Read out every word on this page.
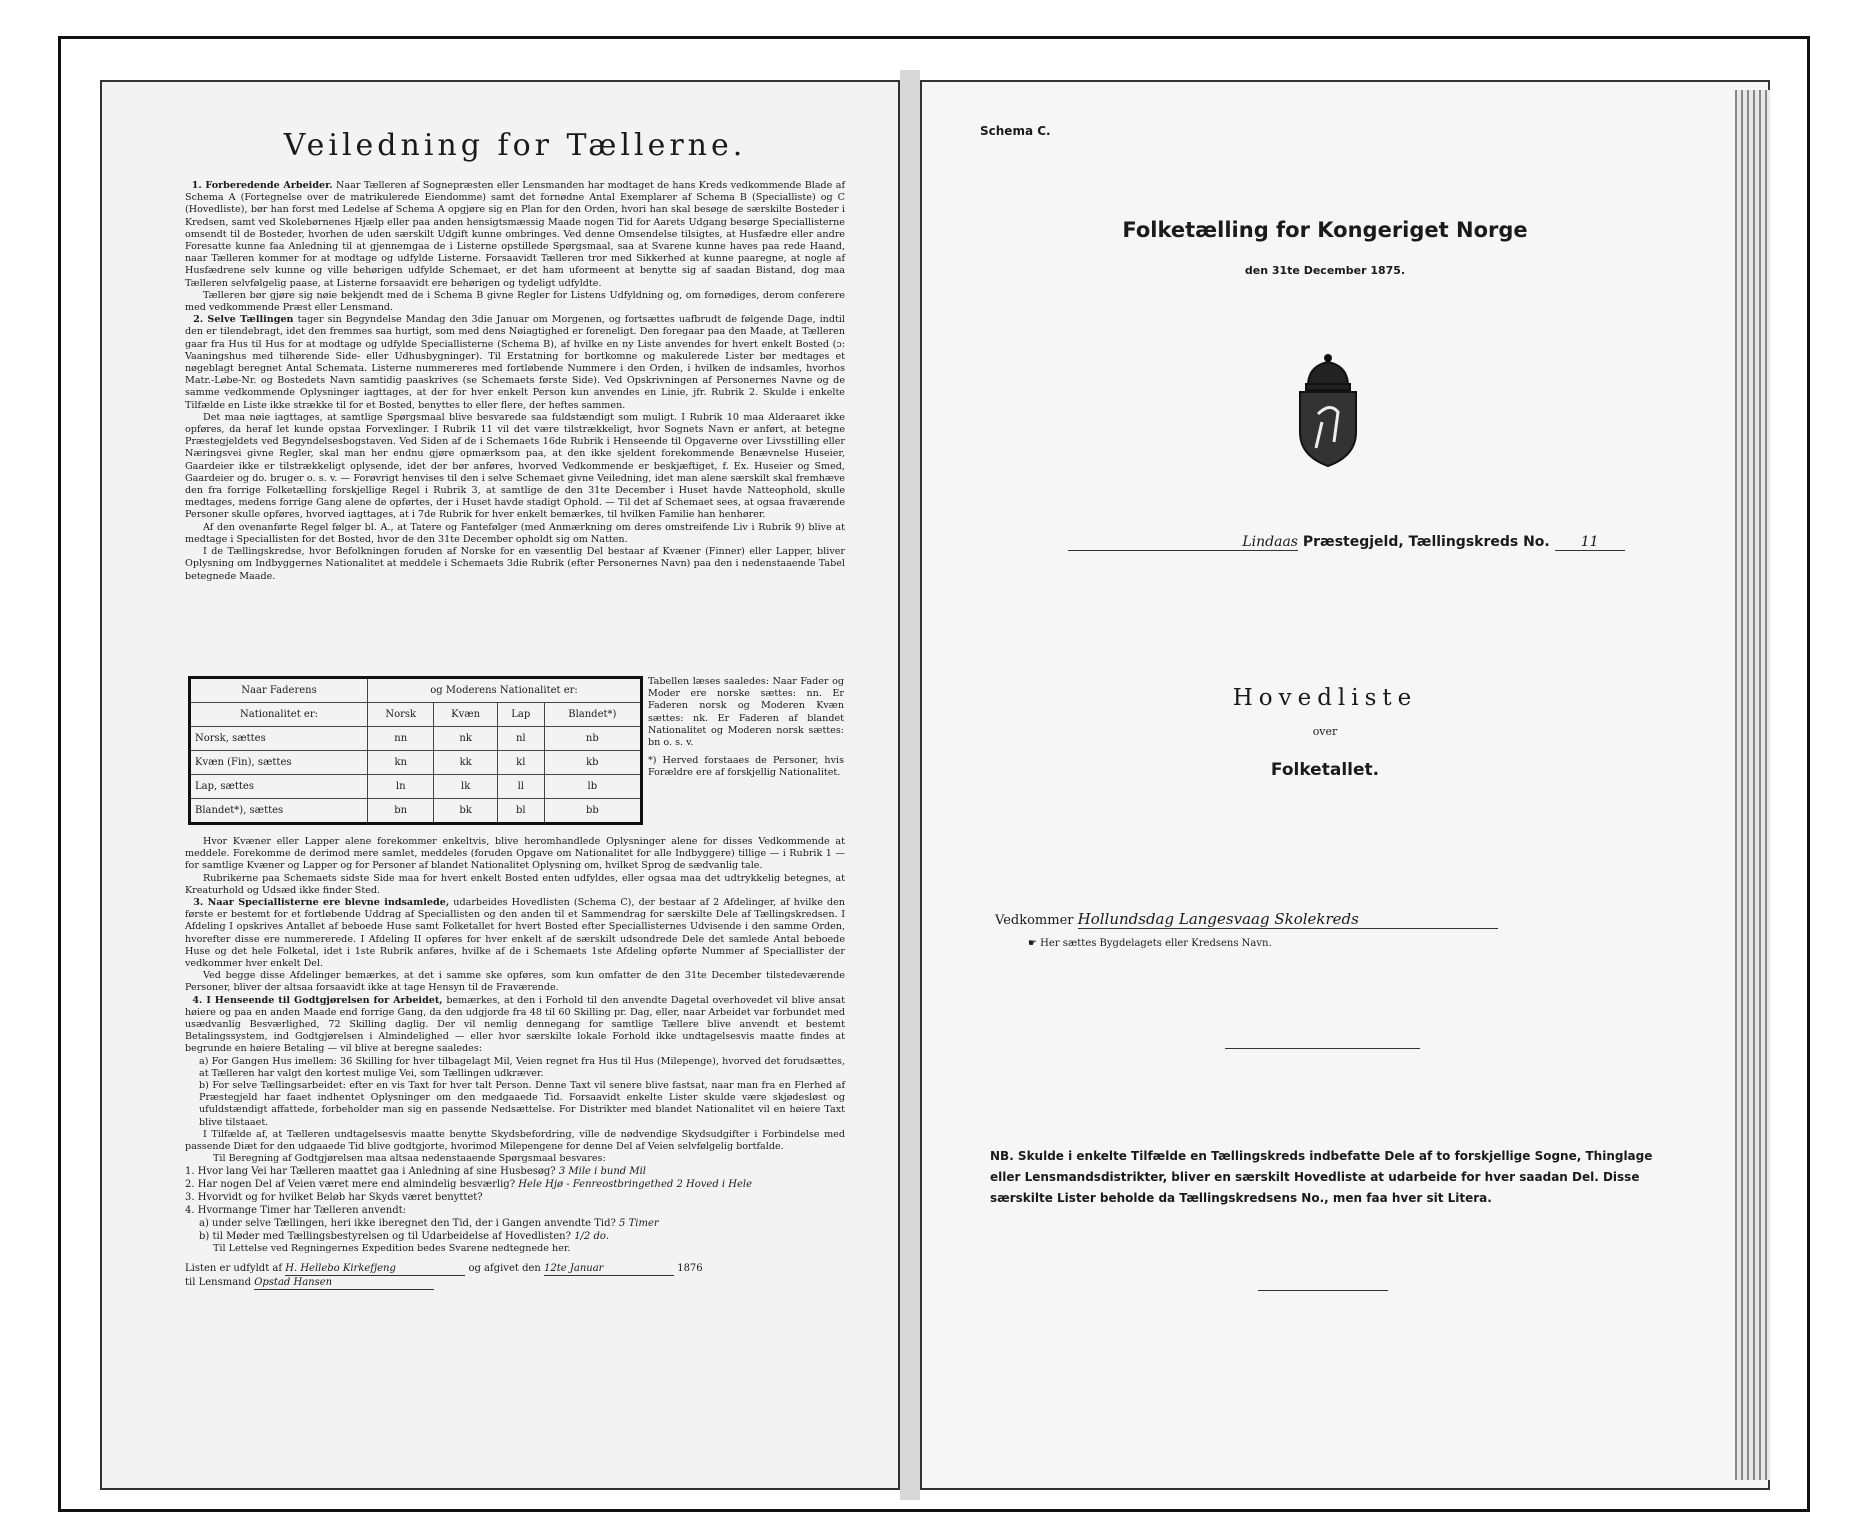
Veiledning for Tællerne.

1. Forberedende Arbeider. Naar Tælleren af Sognepræsten eller Lensmanden har modtaget de hans Kreds vedkommende Blade af Schema A (Fortegnelse over de matrikulerede Eiendomme) samt det fornødne Antal Exemplarer af Schema B (Specialliste) og C (Hovedliste), bør han forst med Ledelse af Schema A opgjøre sig en Plan for den Orden, hvori han skal besøge de særskilte Bosteder i Kredsen, samt ved Skolebørnenes Hjælp eller paa anden hensigtsmæssig Maade nogen Tid for Aarets Udgang besørge Speciallisterne omsendt til de Bosteder, hvorhen de uden særskilt Udgift kunne ombringes. Ved denne Omsendelse tilsigtes, at Husfædre eller andre Foresatte kunne faa Anledning til at gjennemgaa de i Listerne opstillede Spørgsmaal, saa at Svarene kunne haves paa rede Haand, naar Tælleren kommer for at modtage og udfylde Listerne. Forsaavidt Tælleren tror med Sikkerhed at kunne paaregne, at nogle af Husfædrene selv kunne og ville behørigen udfylde Schemaet, er det ham uformeent at benytte sig af saadan Bistand, dog maa Tælleren selvfølgelig paase, at Listerne forsaavidt ere behørigen og tydeligt udfyldte.

Tælleren bør gjøre sig nøie bekjendt med de i Schema B givne Regler for Listens Udfyldning og, om fornødiges, derom conferere med vedkommende Præst eller Lensmand.

2. Selve Tællingen tager sin Begyndelse Mandag den 3die Januar om Morgenen, og fortsættes uafbrudt de følgende Dage, indtil den er tilendebragt, idet den fremmes saa hurtigt, som med dens Nøiagtighed er foreneligt. Den foregaar paa den Maade, at Tælleren gaar fra Hus til Hus for at modtage og udfylde Speciallisterne (Schema B), af hvilke en ny Liste anvendes for hvert enkelt Bosted (ɔ: Vaaningshus med tilhørende Side- eller Udhusbygninger). Til Erstatning for bortkomne og makulerede Lister bør medtages et nøgeblagt beregnet Antal Schemata. Listerne nummereres med fortløbende Nummere i den Orden, i hvilken de indsamles, hvorhos Matr.-Løbe-Nr. og Bostedets Navn samtidig paaskrives (se Schemaets første Side). Ved Opskrivningen af Personernes Navne og de samme vedkommende Oplysninger iagttages, at der for hver enkelt Person kun anvendes en Linie, jfr. Rubrik 2. Skulde i enkelte Tilfælde en Liste ikke strække til for et Bosted, benyttes to eller flere, der heftes sammen.

Det maa nøie iagttages, at samtlige Spørgsmaal blive besvarede saa fuldstændigt som muligt. I Rubrik 10 maa Alderaaret ikke opføres, da heraf let kunde opstaa Forvexlinger. I Rubrik 11 vil det være tilstrækkeligt, hvor Sognets Navn er anført, at betegne Præstegjeldets ved Begyndelsesbogstaven. Ved Siden af de i Schemaets 16de Rubrik i Henseende til Opgaverne over Livsstilling eller Næringsvei givne Regler, skal man her endnu gjøre opmærksom paa, at den ikke sjeldent forekommende Benævnelse Huseier, Gaardeier ikke er tilstrækkeligt oplysende, idet der bør anføres, hvorved Vedkommende er beskjæftiget, f. Ex. Huseier og Smed, Gaardeier og do. bruger o. s. v. — Forøvrigt henvises til den i selve Schemaet givne Veiledning, idet man alene særskilt skal fremhæve den fra forrige Folketælling forskjellige Regel i Rubrik 3, at samtlige de den 31te December i Huset havde Natteophold, skulle medtages, medens forrige Gang alene de opførtes, der i Huset havde stadigt Ophold. — Til det af Schemaet sees, at ogsaa fraværende Personer skulle opføres, hvorved iagttages, at i 7de Rubrik for hver enkelt bemærkes, til hvilken Familie han henhører.

Af den ovenanførte Regel følger bl. A., at Tatere og Fantefølger (med Anmærkning om deres omstreifende Liv i Rubrik 9) blive at medtage i Speciallisten for det Bosted, hvor de den 31te December opholdt sig om Natten.

I de Tællingskredse, hvor Befolkningen foruden af Norske for en væsentlig Del bestaar af Kvæner (Finner) eller Lapper, bliver Oplysning om Indbyggernes Nationalitet at meddele i Schemaets 3die Rubrik (efter Personernes Navn) paa den i nedenstaaende Tabel betegnede Maade.

Naar Faderens	og Moderens Nationalitet er:			
Nationalitet er:	Norsk	Kvæn	Lap	Blandet*)
Norsk, sættes	nn	nk	nl	nb
Kvæn (Fin), sættes	kn	kk	kl	kb
Lap, sættes	ln	lk	ll	lb
Blandet*), sættes	bn	bk	bl	bb

Tabellen læses saaledes: Naar Fader og Moder ere norske sættes: nn. Er Faderen norsk og Moderen Kvæn sættes: nk. Er Faderen af blandet Nationalitet og Moderen norsk sættes: bn o. s. v.

*) Herved forstaaes de Personer, hvis Forældre ere af forskjellig Nationalitet.

Hvor Kvæner eller Lapper alene forekommer enkeltvis, blive heromhandlede Oplysninger alene for disses Vedkommende at meddele. Forekomme de derimod mere samlet, meddeles (foruden Opgave om Nationalitet for alle Indbyggere) tillige — i Rubrik 1 — for samtlige Kvæner og Lapper og for Personer af blandet Nationalitet Oplysning om, hvilket Sprog de sædvanlig tale.

Rubrikerne paa Schemaets sidste Side maa for hvert enkelt Bosted enten udfyldes, eller ogsaa maa det udtrykkelig betegnes, at Kreaturhold og Udsæd ikke finder Sted.

3. Naar Speciallisterne ere blevne indsamlede, udarbeides Hovedlisten (Schema C), der bestaar af 2 Afdelinger, af hvilke den første er bestemt for et fortløbende Uddrag af Speciallisten og den anden til et Sammendrag for særskilte Dele af Tællingskredsen. I Afdeling I opskrives Antallet af beboede Huse samt Folketallet for hvert Bosted efter Speciallisternes Udvisende i den samme Orden, hvorefter disse ere nummererede. I Afdeling II opføres for hver enkelt af de særskilt udsondrede Dele det samlede Antal beboede Huse og det hele Folketal, idet i 1ste Rubrik anføres, hvilke af de i Schemaets 1ste Afdeling opførte Nummer af Speciallister der vedkommer hver enkelt Del.

Ved begge disse Afdelinger bemærkes, at det i samme ske opføres, som kun omfatter de den 31te December tilstedeværende Personer, bliver der altsaa forsaavidt ikke at tage Hensyn til de Fraværende.

4. I Henseende til Godtgjørelsen for Arbeidet, bemærkes, at den i Forhold til den anvendte Dagetal overhovedet vil blive ansat høiere og paa en anden Maade end forrige Gang, da den udgjorde fra 48 til 60 Skilling pr. Dag, eller, naar Arbeidet var forbundet med usædvanlig Besværlighed, 72 Skilling daglig. Der vil nemlig dennegang for samtlige Tællere blive anvendt et bestemt Betalingssystem, ind Godtgjørelsen i Almindelighed — eller hvor særskilte lokale Forhold ikke undtagelsesvis maatte findes at begrunde en høiere Betaling — vil blive at beregne saaledes:

a) For Gangen Hus imellem: 36 Skilling for hver tilbagelagt Mil, Veien regnet fra Hus til Hus (Milepenge), hvorved det forudsættes, at Tælleren har valgt den kortest mulige Vei, som Tællingen udkræver.

b) For selve Tællingsarbeidet: efter en vis Taxt for hver talt Person. Denne Taxt vil senere blive fastsat, naar man fra en Flerhed af Præstegjeld har faaet indhentet Oplysninger om den medgaaede Tid. Forsaavidt enkelte Lister skulde være skjødesløst og ufuldstændigt affattede, forbeholder man sig en passende Nedsættelse. For Distrikter med blandet Nationalitet vil en høiere Taxt blive tilstaaet.

I Tilfælde af, at Tælleren undtagelsesvis maatte benytte Skydsbefordring, ville de nødvendige Skydsudgifter i Forbindelse med passende Diæt for den udgaaede Tid blive godtgjorte, hvorimod Milepengene for denne Del af Veien selvfølgelig bortfalde.

Til Beregning af Godtgjørelsen maa altsaa nedenstaaende Spørgsmaal besvares:

1. Hvor lang Vei har Tælleren maattet gaa i Anledning af sine Husbesøg? 3 Mile i bund Mil
2. Har nogen Del af Veien været mere end almindelig besværlig? Hele Hjø - Fenreostbringethed 2 Hoved i Hele
3. Hvorvidt og for hvilket Beløb har Skyds været benyttet?
4. Hvormange Timer har Tælleren anvendt:
a) under selve Tællingen, heri ikke iberegnet den Tid, der i Gangen anvendte Tid? 5 Timer
b) til Møder med Tællingsbestyrelsen og til Udarbeidelse af Hovedlisten? 1/2 do.

Til Lettelse ved Regningernes Expedition bedes Svarene nedtegnede her.

Listen er udfyldt af H. Hellebo Kirkefjeng	og afgivet den 12te Januar	1876
til Lensmand Opstad Hansen
Schema C.
Folketælling for Kongeriget Norge
den 31te December 1875.
Lindaas Præstegjeld, Tællingskreds No. 11
Hovedliste
over
Folketallet.
Vedkommer Hollundsdag Langesvaag Skolekreds
☛ Her sættes Bygdelagets eller Kredsens Navn.
NB. Skulde i enkelte Tilfælde en Tællingskreds indbefatte Dele af to forskjellige Sogne, Thinglage eller Lensmandsdistrikter, bliver en særskilt Hovedliste at udarbeide for hver saadan Del. Disse særskilte Lister beholde da Tællingskredsens No., men faa hver sit Litera.
